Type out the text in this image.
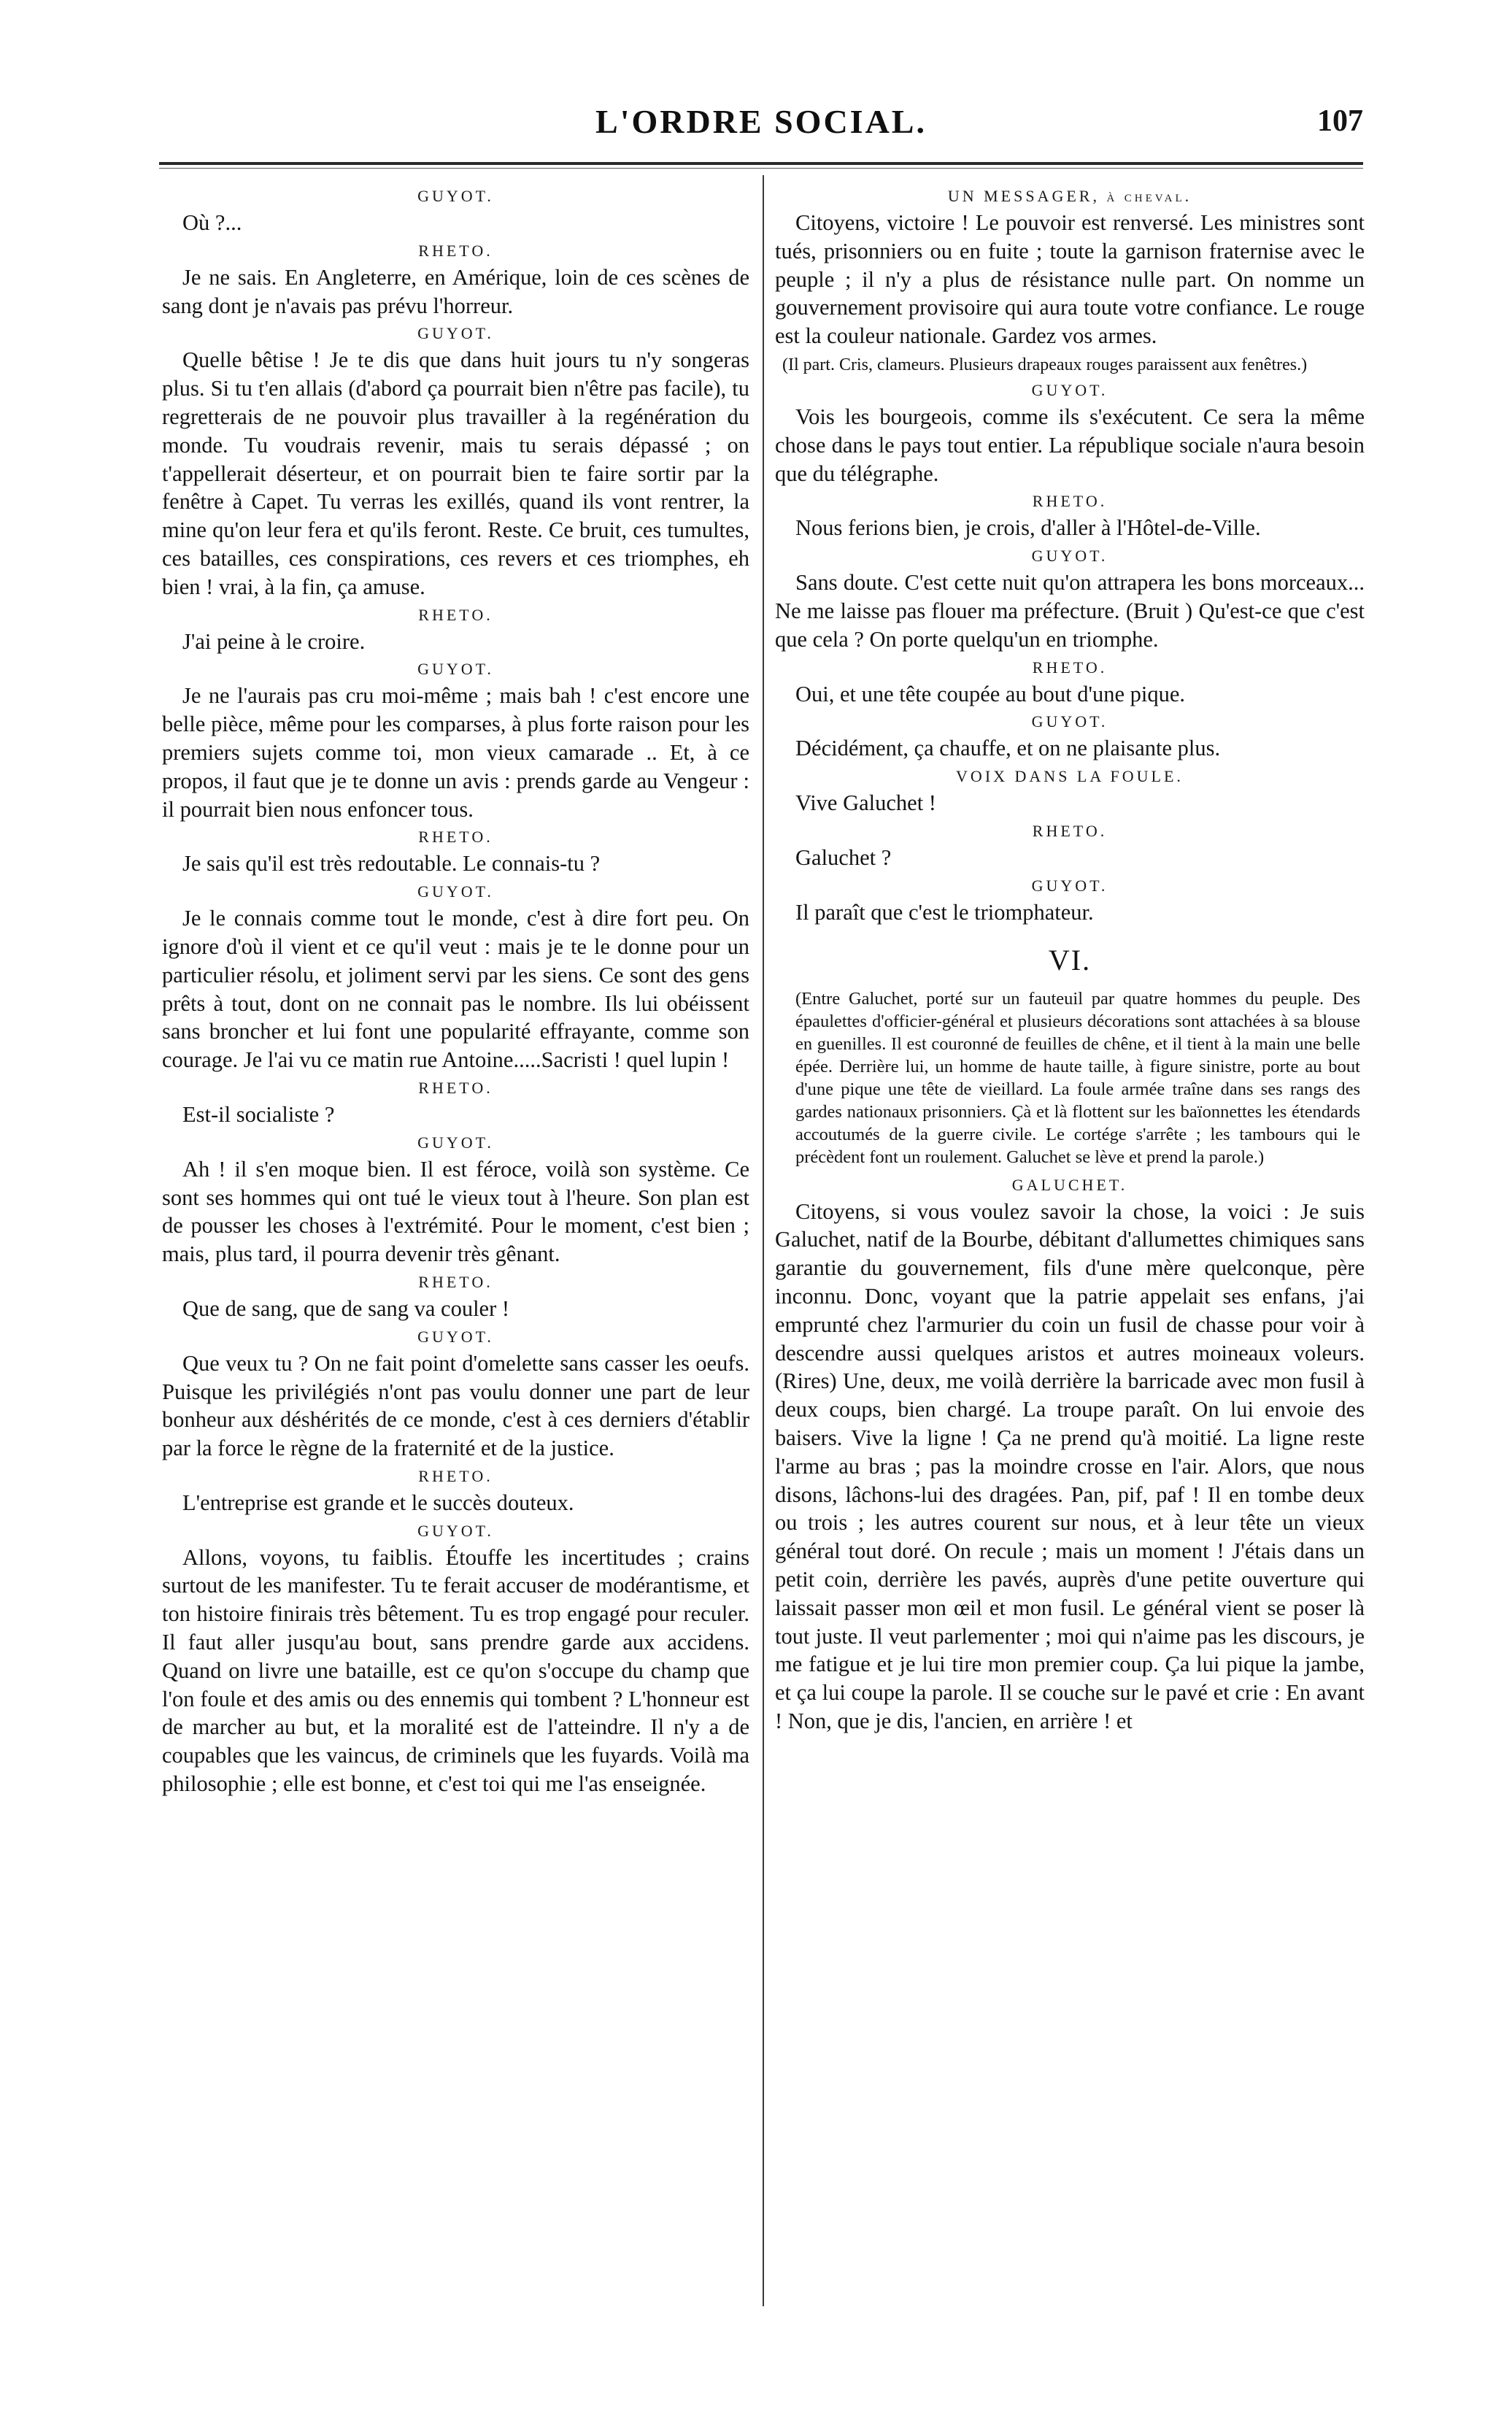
L'ORDRE SOCIAL.	107
GUYOT.

Où ?...

RHETO.

Je ne sais. En Angleterre, en Amérique, loin de ces scènes de sang dont je n'avais pas prévu l'horreur.

GUYOT.

Quelle bêtise ! Je te dis que dans huit jours tu n'y songeras plus. Si tu t'en allais (d'abord ça pourrait bien n'être pas facile), tu regretterais de ne pouvoir plus travailler à la regénération du monde. Tu voudrais revenir, mais tu serais dépassé ; on t'appellerait déserteur, et on pourrait bien te faire sortir par la fenêtre à Capet. Tu verras les exillés, quand ils vont rentrer, la mine qu'on leur fera et qu'ils feront. Reste. Ce bruit, ces tumultes, ces batailles, ces conspirations, ces revers et ces triomphes, eh bien ! vrai, à la fin, ça amuse.

RHETO.

J'ai peine à le croire.

GUYOT.

Je ne l'aurais pas cru moi-même ; mais bah ! c'est encore une belle pièce, même pour les comparses, à plus forte raison pour les premiers sujets comme toi, mon vieux camarade .. Et, à ce propos, il faut que je te donne un avis : prends garde au Vengeur : il pourrait bien nous enfoncer tous.

RHETO.

Je sais qu'il est très redoutable. Le connais-tu ?

GUYOT.

Je le connais comme tout le monde, c'est à dire fort peu. On ignore d'où il vient et ce qu'il veut : mais je te le donne pour un particulier résolu, et joliment servi par les siens. Ce sont des gens prêts à tout, dont on ne connait pas le nombre. Ils lui obéissent sans broncher et lui font une popularité effrayante, comme son courage. Je l'ai vu ce matin rue Antoine.....Sacristi ! quel lupin !

RHETO.

Est-il socialiste ?

GUYOT.

Ah ! il s'en moque bien. Il est féroce, voilà son système. Ce sont ses hommes qui ont tué le vieux tout à l'heure. Son plan est de pousser les choses à l'extrémité. Pour le moment, c'est bien ; mais, plus tard, il pourra devenir très gênant.

RHETO.

Que de sang, que de sang va couler !

GUYOT.

Que veux tu ? On ne fait point d'omelette sans casser les oeufs. Puisque les privilégiés n'ont pas voulu donner une part de leur bonheur aux déshérités de ce monde, c'est à ces derniers d'établir par la force le règne de la fraternité et de la justice.

RHETO.

L'entreprise est grande et le succès douteux.

GUYOT.

Allons, voyons, tu faiblis. Étouffe les incertitudes ; crains surtout de les manifester. Tu te ferait accuser de modérantisme, et ton histoire finirais très bêtement. Tu es trop engagé pour reculer. Il faut aller jusqu'au bout, sans prendre garde aux accidens. Quand on livre une bataille, est ce qu'on s'occupe du champ que l'on foule et des amis ou des ennemis qui tombent ? L'honneur est de marcher au but, et la moralité est de l'atteindre. Il n'y a de coupables que les vaincus, de criminels que les fuyards. Voilà ma philosophie ; elle est bonne, et c'est toi qui me l'as enseignée.

UN MESSAGER, à cheval.

Citoyens, victoire ! Le pouvoir est renversé. Les ministres sont tués, prisonniers ou en fuite ; toute la garnison fraternise avec le peuple ; il n'y a plus de résistance nulle part. On nomme un gouvernement provisoire qui aura toute votre confiance. Le rouge est la couleur nationale. Gardez vos armes.

(Il part. Cris, clameurs. Plusieurs drapeaux rouges paraissent aux fenêtres.)

GUYOT.

Vois les bourgeois, comme ils s'exécutent. Ce sera la même chose dans le pays tout entier. La république sociale n'aura besoin que du télégraphe.

RHETO.

Nous ferions bien, je crois, d'aller à l'Hôtel-de-Ville.

GUYOT.

Sans doute. C'est cette nuit qu'on attrapera les bons morceaux... Ne me laisse pas flouer ma préfecture. (Bruit ) Qu'est-ce que c'est que cela ? On porte quelqu'un en triomphe.

RHETO.

Oui, et une tête coupée au bout d'une pique.

GUYOT.

Décidément, ça chauffe, et on ne plaisante plus.

VOIX DANS LA FOULE.

Vive Galuchet !

RHETO.

Galuchet ?

GUYOT.

Il paraît que c'est le triomphateur.

VI.

(Entre Galuchet, porté sur un fauteuil par quatre hommes du peuple. Des épaulettes d'officier-général et plusieurs décorations sont attachées à sa blouse en guenilles. Il est couronné de feuilles de chêne, et il tient à la main une belle épée. Derrière lui, un homme de haute taille, à figure sinistre, porte au bout d'une pique une tête de vieillard. La foule armée traîne dans ses rangs des gardes nationaux prisonniers. Çà et là flottent sur les baïonnettes les étendards accoutumés de la guerre civile. Le cortége s'arrête ; les tambours qui le précèdent font un roulement. Galuchet se lève et prend la parole.)

GALUCHET.

Citoyens, si vous voulez savoir la chose, la voici : Je suis Galuchet, natif de la Bourbe, débitant d'allumettes chimiques sans garantie du gouvernement, fils d'une mère quelconque, père inconnu. Donc, voyant que la patrie appelait ses enfans, j'ai emprunté chez l'armurier du coin un fusil de chasse pour voir à descendre aussi quelques aristos et autres moineaux voleurs. (Rires) Une, deux, me voilà derrière la barricade avec mon fusil à deux coups, bien chargé. La troupe paraît. On lui envoie des baisers. Vive la ligne ! Ça ne prend qu'à moitié. La ligne reste l'arme au bras ; pas la moindre crosse en l'air. Alors, que nous disons, lâchons-lui des dragées. Pan, pif, paf ! Il en tombe deux ou trois ; les autres courent sur nous, et à leur tête un vieux général tout doré. On recule ; mais un moment ! J'étais dans un petit coin, derrière les pavés, auprès d'une petite ouverture qui laissait passer mon œil et mon fusil. Le général vient se poser là tout juste. Il veut parlementer ; moi qui n'aime pas les discours, je me fatigue et je lui tire mon premier coup. Ça lui pique la jambe, et ça lui coupe la parole. Il se couche sur le pavé et crie : En avant ! Non, que je dis, l'ancien, en arrière ! et
